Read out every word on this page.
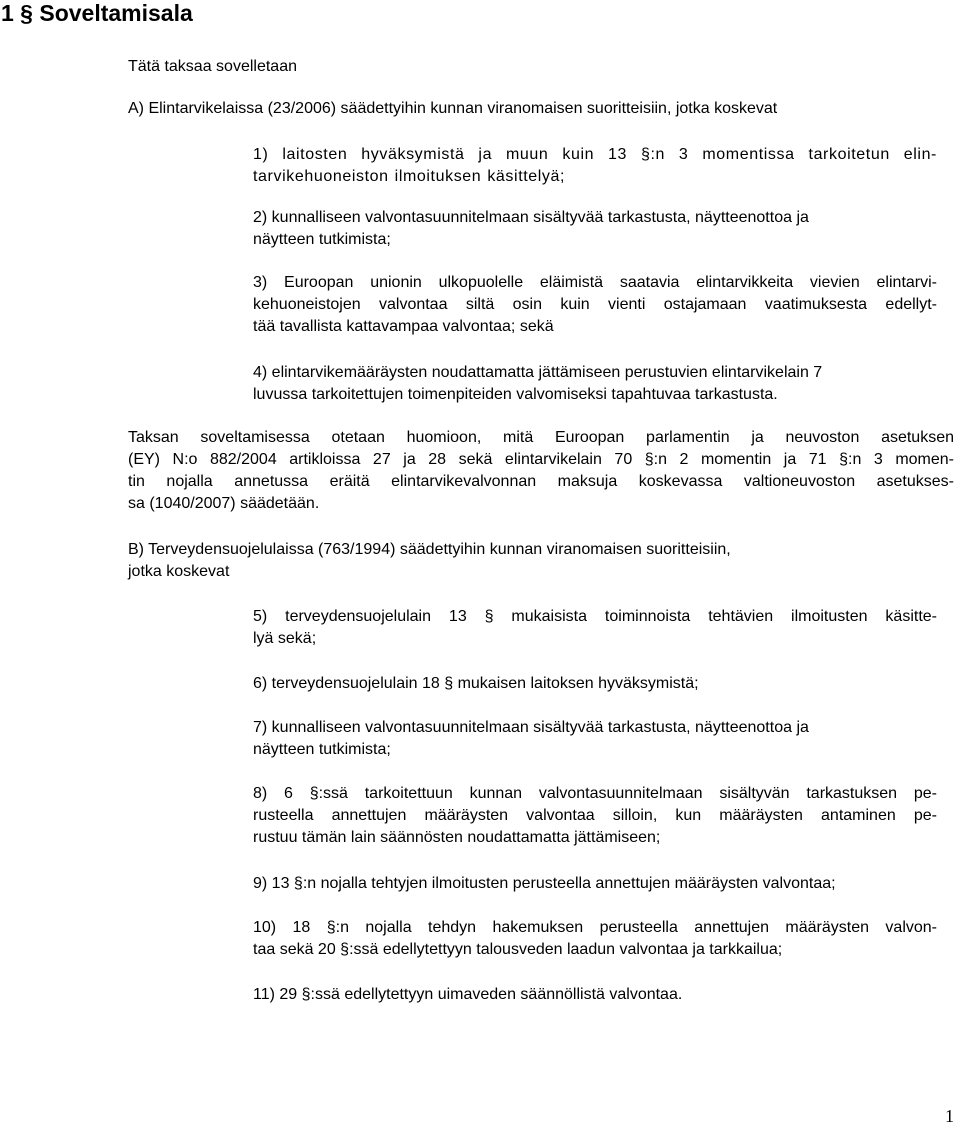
1 § Soveltamisala

Tätä taksaa sovelletaan

A) Elintarvikelaissa (23/2006) säädettyihin kunnan viranomaisen suoritteisiin, jotka koskevat

1) laitosten hyväksymistä ja muun kuin 13 §:n 3 momentissa tarkoitetun elin-
tarvikehuoneiston ilmoituksen käsittelyä;

2) kunnalliseen valvontasuunnitelmaan sisältyvää tarkastusta, näytteenottoa ja
näytteen tutkimista;

3) Euroopan unionin ulkopuolelle eläimistä saatavia elintarvikkeita vievien elintarvi-
kehuoneistojen valvontaa siltä osin kuin vienti ostajamaan vaatimuksesta edellyt-
tää tavallista kattavampaa valvontaa; sekä

4) elintarvikemääräysten noudattamatta jättämiseen perustuvien elintarvikelain 7
luvussa tarkoitettujen toimenpiteiden valvomiseksi tapahtuvaa tarkastusta.

Taksan soveltamisessa otetaan huomioon, mitä Euroopan parlamentin ja neuvoston asetuksen
(EY) N:o 882/2004 artikloissa 27 ja 28 sekä elintarvikelain 70 §:n 2 momentin ja 71 §:n 3 momen-
tin nojalla annetussa eräitä elintarvikevalvonnan maksuja koskevassa valtioneuvoston asetukses-
sa (1040/2007) säädetään.

B) Terveydensuojelulaissa (763/1994) säädettyihin kunnan viranomaisen suoritteisiin,
jotka koskevat

5) terveydensuojelulain 13 § mukaisista toiminnoista tehtävien ilmoitusten käsitte-
lyä sekä;

6) terveydensuojelulain 18 § mukaisen laitoksen hyväksymistä;

7) kunnalliseen valvontasuunnitelmaan sisältyvää tarkastusta, näytteenottoa ja
näytteen tutkimista;

8) 6 §:ssä tarkoitettuun kunnan valvontasuunnitelmaan sisältyvän tarkastuksen pe-
rusteella annettujen määräysten valvontaa silloin, kun määräysten antaminen pe-
rustuu tämän lain säännösten noudattamatta jättämiseen;

9) 13 §:n nojalla tehtyjen ilmoitusten perusteella annettujen määräysten valvontaa;

10) 18 §:n nojalla tehdyn hakemuksen perusteella annettujen määräysten valvon-
taa sekä 20 §:ssä edellytettyyn talousveden laadun valvontaa ja tarkkailua;

11) 29 §:ssä edellytettyyn uimaveden säännöllistä valvontaa.

1
